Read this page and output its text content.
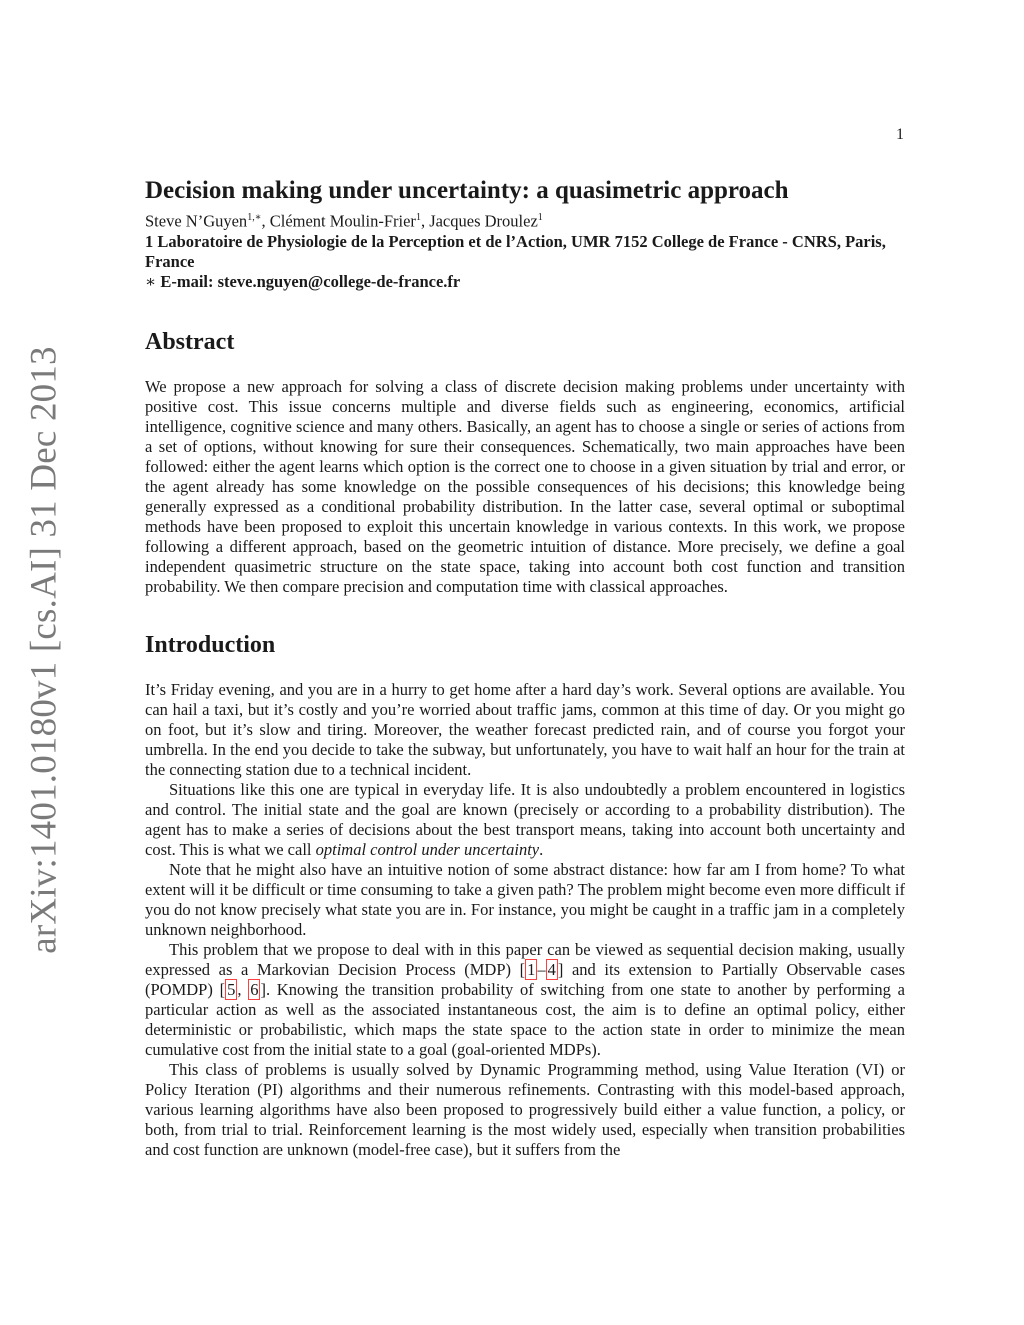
1
arXiv:1401.0180v1 [cs.AI] 31 Dec 2013
Decision making under uncertainty: a quasimetric approach

Steve N’Guyen$^{1,∗}$, Clément Moulin-Frier$^1$, Jacques Droulez$^1$

1 Laboratoire de Physiologie de la Perception et de l’Action, UMR 7152 College de France - CNRS, Paris, France

∗ E-mail: steve.nguyen@college-de-france.fr

Abstract

We propose a new approach for solving a class of discrete decision making problems under uncertainty with positive cost. This issue concerns multiple and diverse fields such as engineering, economics, artificial intelligence, cognitive science and many others. Basically, an agent has to choose a single or series of actions from a set of options, without knowing for sure their consequences. Schematically, two main approaches have been followed: either the agent learns which option is the correct one to choose in a given situation by trial and error, or the agent already has some knowledge on the possible consequences of his decisions; this knowledge being generally expressed as a conditional probability distribution. In the latter case, several optimal or suboptimal methods have been proposed to exploit this uncertain knowledge in various contexts. In this work, we propose following a different approach, based on the geometric intuition of distance. More precisely, we define a goal independent quasimetric structure on the state space, taking into account both cost function and transition probability. We then compare precision and computation time with classical approaches.

Introduction

It’s Friday evening, and you are in a hurry to get home after a hard day’s work. Several options are available. You can hail a taxi, but it’s costly and you’re worried about traffic jams, common at this time of day. Or you might go on foot, but it’s slow and tiring. Moreover, the weather forecast predicted rain, and of course you forgot your umbrella. In the end you decide to take the subway, but unfortunately, you have to wait half an hour for the train at the connecting station due to a technical incident.

Situations like this one are typical in everyday life. It is also undoubtedly a problem encountered in logistics and control. The initial state and the goal are known (precisely or according to a probability distribution). The agent has to make a series of decisions about the best transport means, taking into account both uncertainty and cost. This is what we call optimal control under uncertainty.

Note that he might also have an intuitive notion of some abstract distance: how far am I from home? To what extent will it be difficult or time consuming to take a given path? The problem might become even more difficult if you do not know precisely what state you are in. For instance, you might be caught in a traffic jam in a completely unknown neighborhood.

This problem that we propose to deal with in this paper can be viewed as sequential decision making, usually expressed as a Markovian Decision Process (MDP) [ 1 – 4 ] and its extension to Partially Observable cases (POMDP) [ 5 , 6 ]. Knowing the transition probability of switching from one state to another by performing a particular action as well as the associated instantaneous cost, the aim is to define an optimal policy, either deterministic or probabilistic, which maps the state space to the action state in order to minimize the mean cumulative cost from the initial state to a goal (goal-oriented MDPs).

This class of problems is usually solved by Dynamic Programming method, using Value Iteration (VI) or Policy Iteration (PI) algorithms and their numerous refinements. Contrasting with this model-based approach, various learning algorithms have also been proposed to progressively build either a value function, a policy, or both, from trial to trial. Reinforcement learning is the most widely used, especially when transition probabilities and cost function are unknown (model-free case), but it suffers from the
